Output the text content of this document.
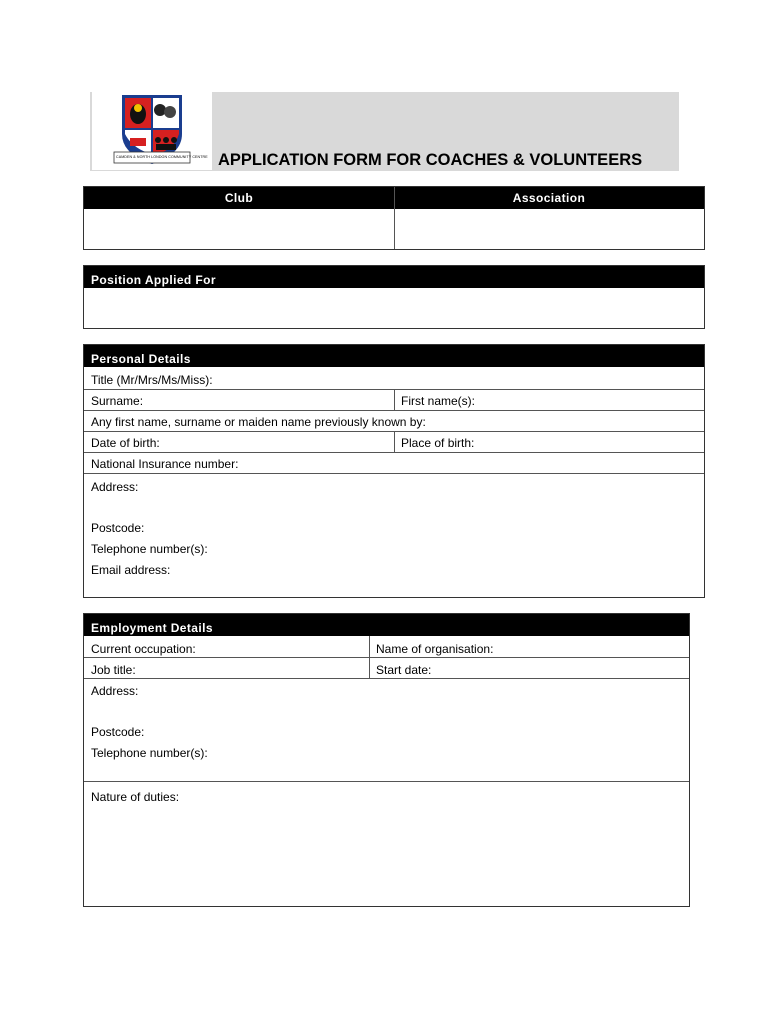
CAMDEN & NORTH LONDON COMMUNITY CENTRE APPLICATION FORM FOR COACHES & VOLUNTEERS
Club	Association
Position Applied For
Personal Details
Title (Mr/Mrs/Ms/Miss):
Surname:	First name(s):
Any first name, surname or maiden name previously known by:
Date of birth:	Place of birth:
National Insurance number:
Address:
Postcode:
Telephone number(s):
Email address:
Employment Details
Current occupation:	Name of organisation:
Job title:	Start date:
Address:
Postcode:
Telephone number(s):
Nature of duties:
